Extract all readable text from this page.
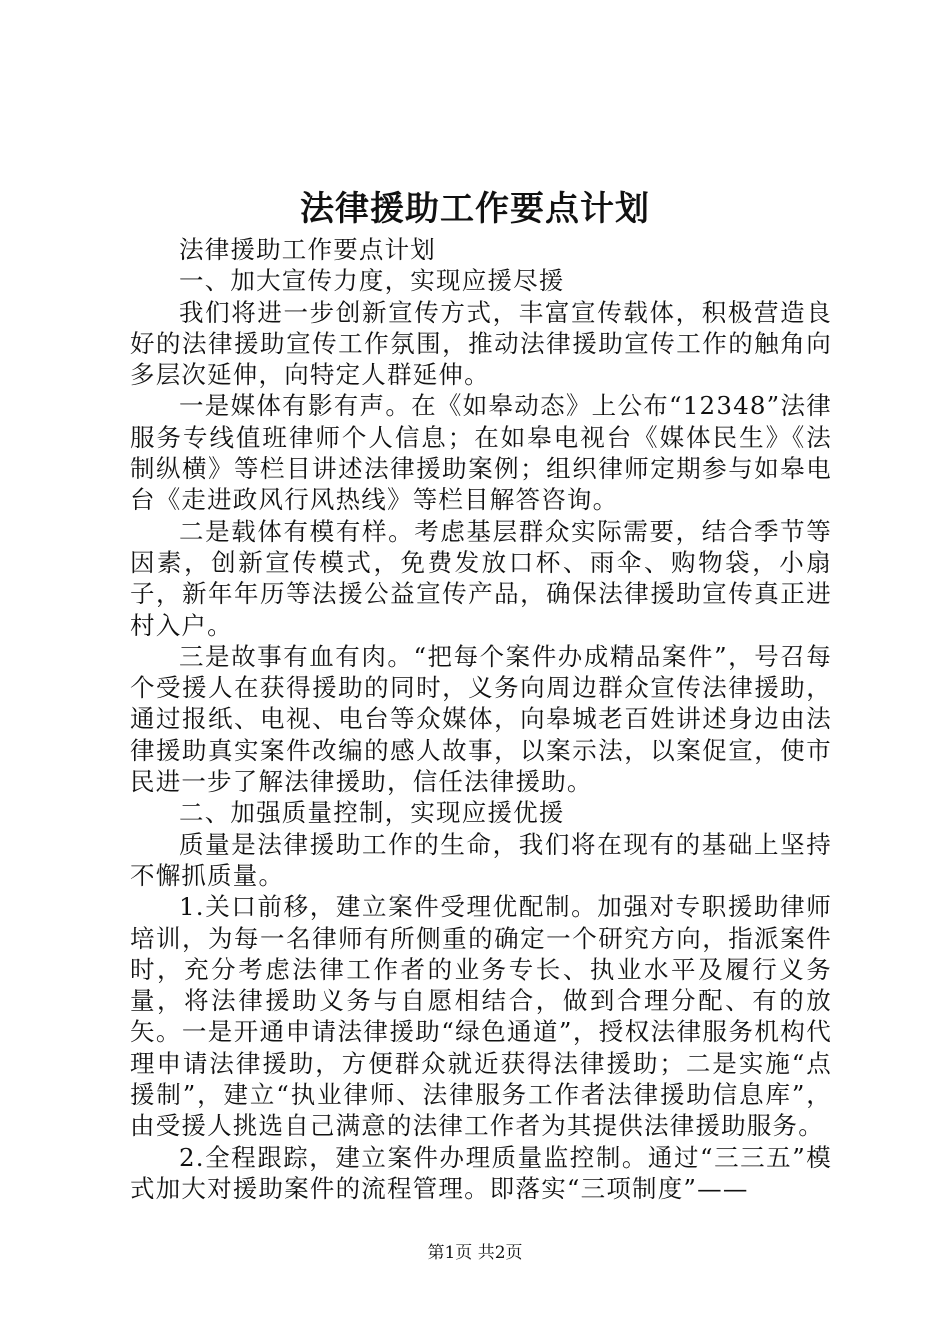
法律援助工作要点计划

法律援助工作要点计划

一、加大宣传力度，实现应援尽援

我们将进一步创新宣传方式，丰富宣传载体，积极营造良好的法律援助宣传工作氛围，推动法律援助宣传工作的触角向多层次延伸，向特定人群延伸。

一是媒体有影有声。在《如皋动态》上公布“12348”法律服务专线值班律师个人信息；在如皋电视台《媒体民生》《法制纵横》等栏目讲述法律援助案例；组织律师定期参与如皋电台《走进政风行风热线》等栏目解答咨询。

二是载体有模有样。考虑基层群众实际需要，结合季节等因素，创新宣传模式，免费发放口杯、雨伞、购物袋，小扇子，新年年历等法援公益宣传产品，确保法律援助宣传真正进村入户。

三是故事有血有肉。“把每个案件办成精品案件”，号召每个受援人在获得援助的同时，义务向周边群众宣传法律援助，通过报纸、电视、电台等众媒体，向皋城老百姓讲述身边由法律援助真实案件改编的感人故事，以案示法，以案促宣，使市民进一步了解法律援助，信任法律援助。

二、加强质量控制，实现应援优援

质量是法律援助工作的生命，我们将在现有的基础上坚持不懈抓质量。

1.关口前移，建立案件受理优配制。加强对专职援助律师培训，为每一名律师有所侧重的确定一个研究方向，指派案件时，充分考虑法律工作者的业务专长、执业水平及履行义务量，将法律援助义务与自愿相结合，做到合理分配、有的放矢。一是开通申请法律援助“绿色通道”，授权法律服务机构代理申请法律援助，方便群众就近获得法律援助；二是实施“点援制”，建立“执业律师、法律服务工作者法律援助信息库”，由受援人挑选自己满意的法律工作者为其提供法律援助服务。

2.全程跟踪，建立案件办理质量监控制。通过“三三五”模式加大对援助案件的流程管理。即落实“三项制度”——

第1页 共2页
